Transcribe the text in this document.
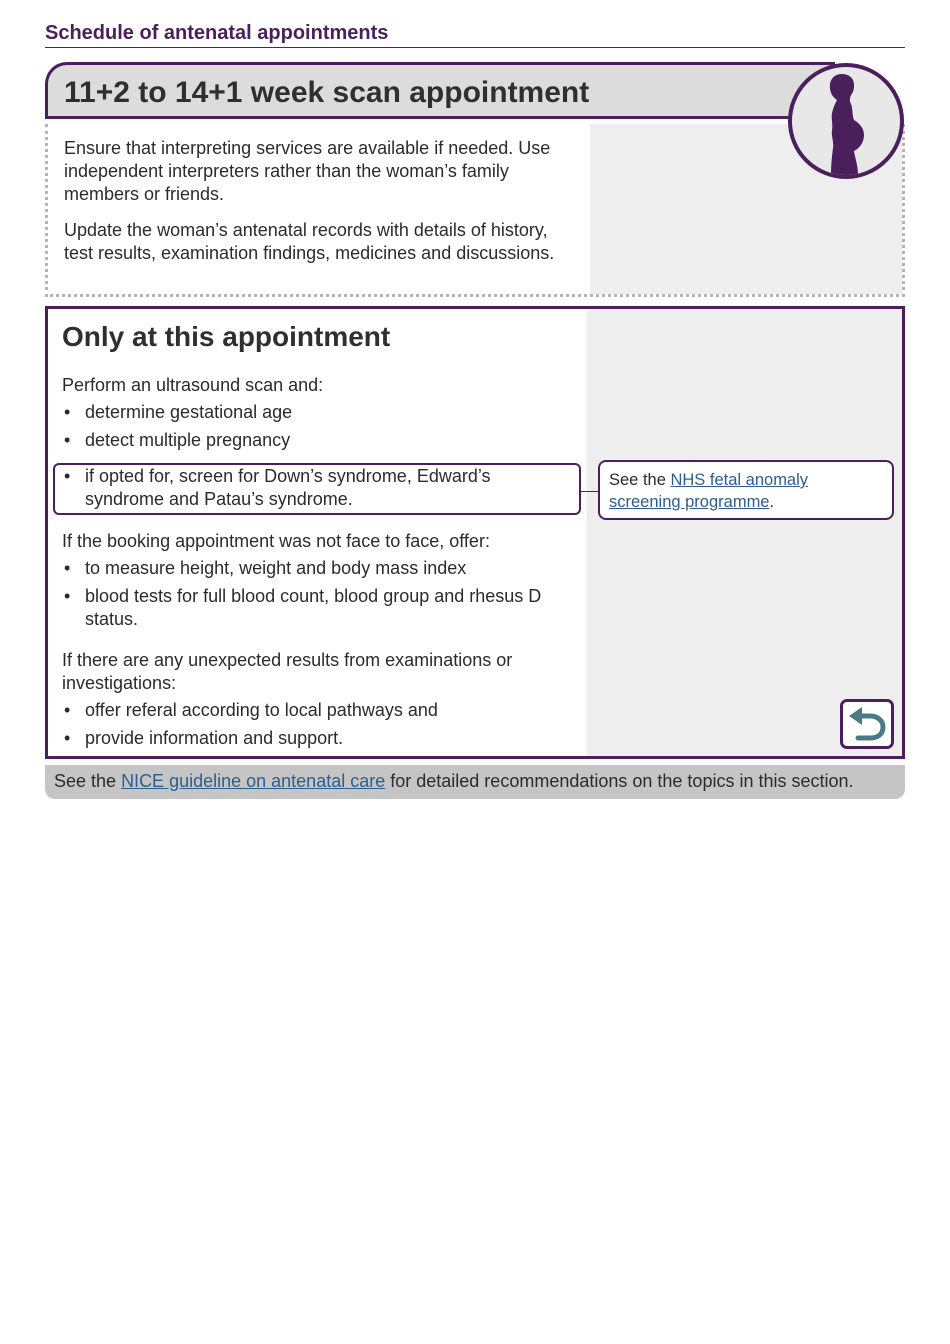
Schedule of antenatal appointments
11+2 to 14+1 week scan appointment
Ensure that interpreting services are available if needed. Use independent interpreters rather than the woman’s family members or friends.
Update the woman’s antenatal records with details of history, test results, examination findings, medicines and discussions.
Only at this appointment
Perform an ultrasound scan and:
• determine gestational age
• detect multiple pregnancy
• if opted for, screen for Down’s syndrome, Edward’s syndrome and Patau’s syndrome.
See the NHS fetal anomaly screening programme.
If the booking appointment was not face to face, offer:
• to measure height, weight and body mass index
• blood tests for full blood count, blood group and rhesus D status.
If there are any unexpected results from examinations or investigations:
• offer referal according to local pathways and
• provide information and support.
See the NICE guideline on antenatal care for detailed recommendations on the topics in this section.
